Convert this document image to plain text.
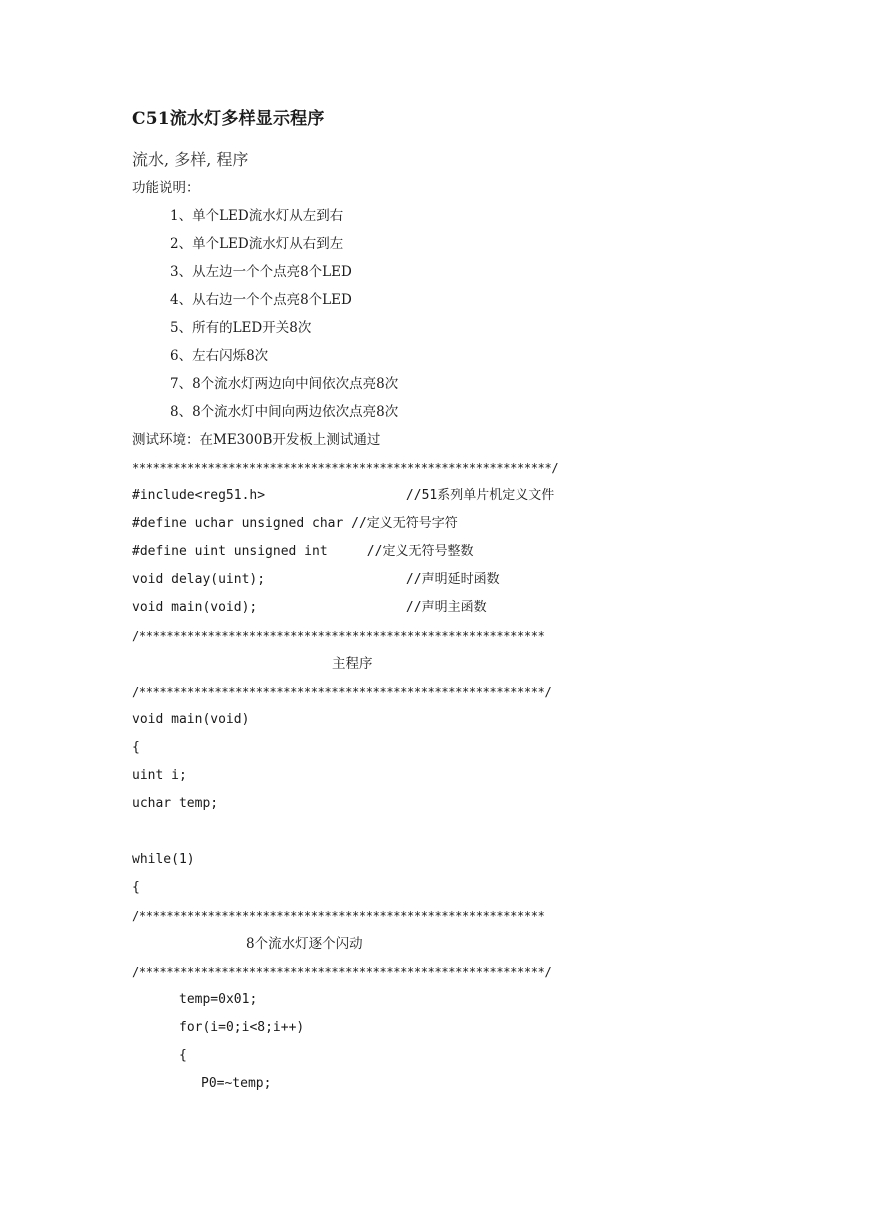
C51流水灯多样显示程序
流水 , 多样 , 程序
功能说明：
1、单个LED流水灯从左到右
2、单个LED流水灯从右到左
3、从左边一个个点亮8个LED
4、从右边一个个点亮8个LED
5、所有的LED开关8次
6、左右闪烁8次
7、8个流水灯两边向中间依次点亮8次
8、8个流水灯中间向两边依次点亮8次
测试环境：在ME300B开发板上测试通过
*************************************************************/
#include<reg51.h>                  //51系列单片机定义文件
#define uchar unsigned char //定义无符号字符
#define uint unsigned int     //定义无符号整数
void delay(uint);                  //声明延时函数
void main(void);                   //声明主函数
/***********************************************************
主程序
/***********************************************************/
void main(void)
{
uint i;
uchar temp;
while(1)
{
/***********************************************************
8个流水灯逐个闪动
/***********************************************************/
temp=0x01;
for(i=0;i<8;i++)
{
P0=~temp;
